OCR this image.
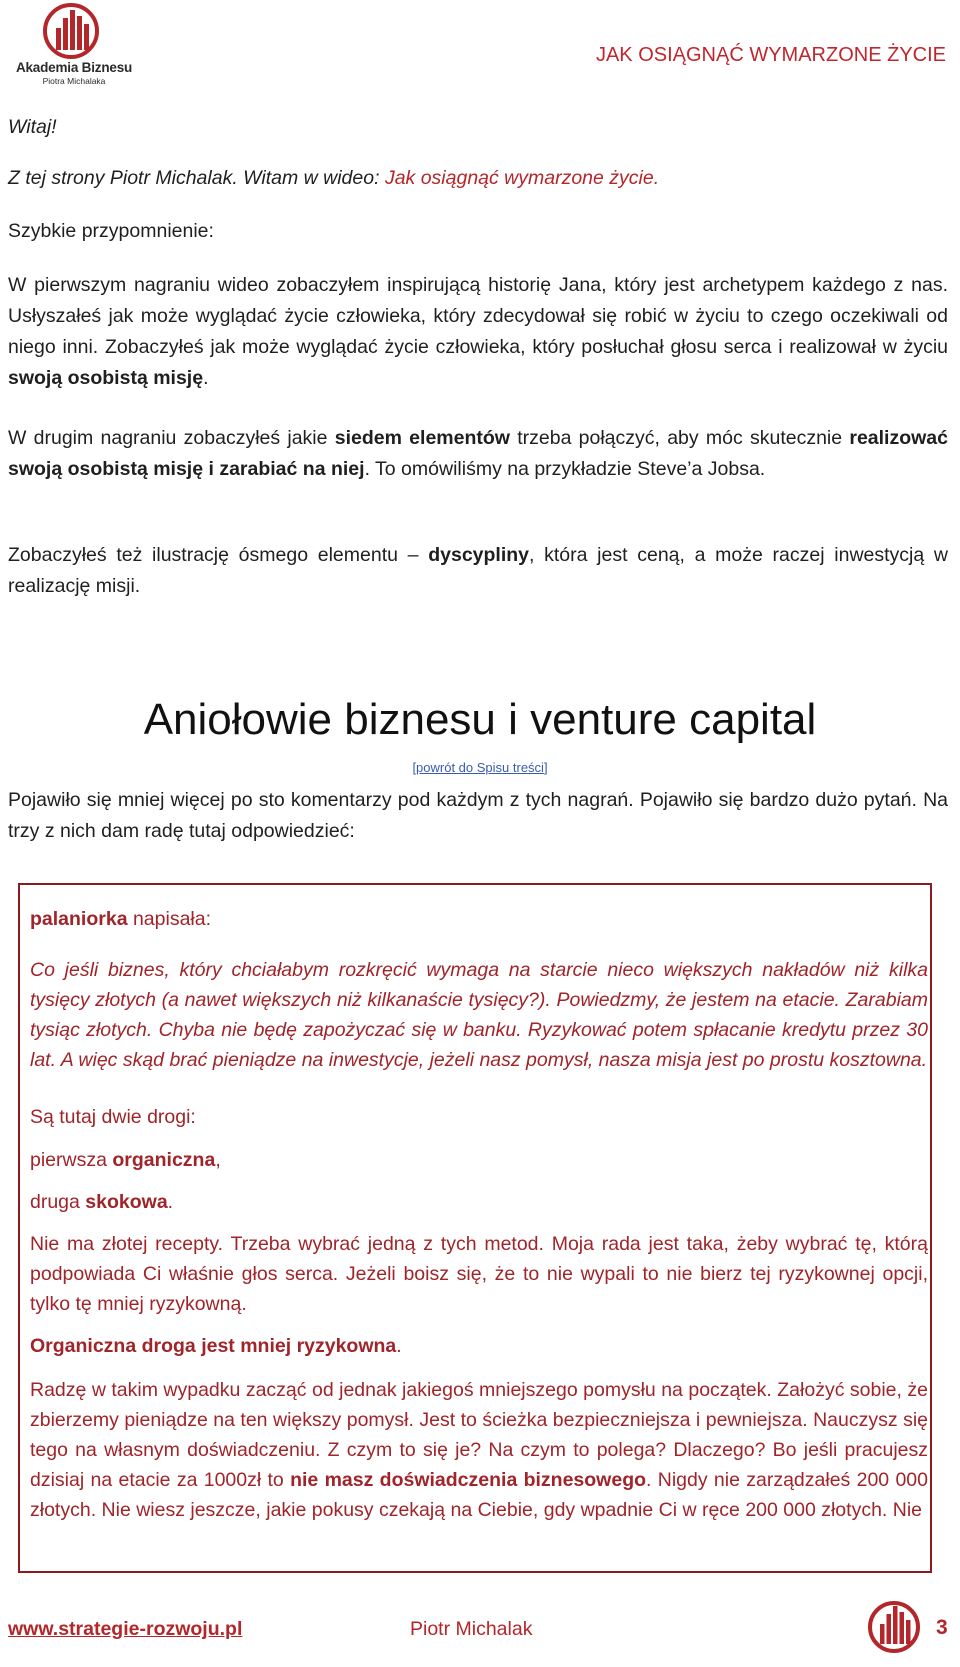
Akademia Biznesu
Piotra Michalaka
JAK OSIĄGNĄĆ WYMARZONE ŻYCIE

Witaj!

Z tej strony Piotr Michalak. Witam w wideo: Jak osiągnąć wymarzone życie.

Szybkie przypomnienie:

W pierwszym nagraniu wideo zobaczyłem inspirującą historię Jana, który jest archetypem każdego z nas. Usłyszałeś jak może wyglądać życie człowieka, który zdecydował się robić w życiu to czego oczekiwali od niego inni. Zobaczyłeś jak może wyglądać życie człowieka, który posłuchał głosu serca i realizował w życiu swoją osobistą misję.

W drugim nagraniu zobaczyłeś jakie siedem elementów trzeba połączyć, aby móc skutecznie realizować swoją osobistą misję i zarabiać na niej. To omówiliśmy na przykładzie Steve’a Jobsa.

Zobaczyłeś też ilustrację ósmego elementu – dyscypliny, która jest ceną, a może raczej inwestycją w realizację misji.

Aniołowie biznesu i venture capital
[powrót do Spisu treści]

Pojawiło się mniej więcej po sto komentarzy pod każdym z tych nagrań. Pojawiło się bardzo dużo pytań. Na trzy z nich dam radę tutaj odpowiedzieć:

palaniorka napisała:

Co jeśli biznes, który chciałabym rozkręcić wymaga na starcie nieco większych nakładów niż kilka tysięcy złotych (a nawet większych niż kilkanaście tysięcy?). Powiedzmy, że jestem na etacie. Zarabiam tysiąc złotych. Chyba nie będę zapożyczać się w banku. Ryzykować potem spłacanie kredytu przez 30 lat. A więc skąd brać pieniądze na inwestycje, jeżeli nasz pomysł, nasza misja jest po prostu kosztowna.

Są tutaj dwie drogi:

pierwsza organiczna,

druga skokowa.

Nie ma złotej recepty. Trzeba wybrać jedną z tych metod. Moja rada jest taka, żeby wybrać tę, którą podpowiada Ci właśnie głos serca. Jeżeli boisz się, że to nie wypali to nie bierz tej ryzykownej opcji, tylko tę mniej ryzykowną.

Organiczna droga jest mniej ryzykowna.

Radzę w takim wypadku zacząć od jednak jakiegoś mniejszego pomysłu na początek. Założyć sobie, że zbierzemy pieniądze na ten większy pomysł. Jest to ścieżka bezpieczniejsza i pewniejsza. Nauczysz się tego na własnym doświadczeniu. Z czym to się je? Na czym to polega? Dlaczego? Bo jeśli pracujesz dzisiaj na etacie za 1000zł to nie masz doświadczenia biznesowego. Nigdy nie zarządzałeś 200 000 złotych. Nie wiesz jeszcze, jakie pokusy czekają na Ciebie, gdy wpadnie Ci w ręce 200 000 złotych. Nie

www.strategie-rozwoju.pl	Piotr Michalak	3
